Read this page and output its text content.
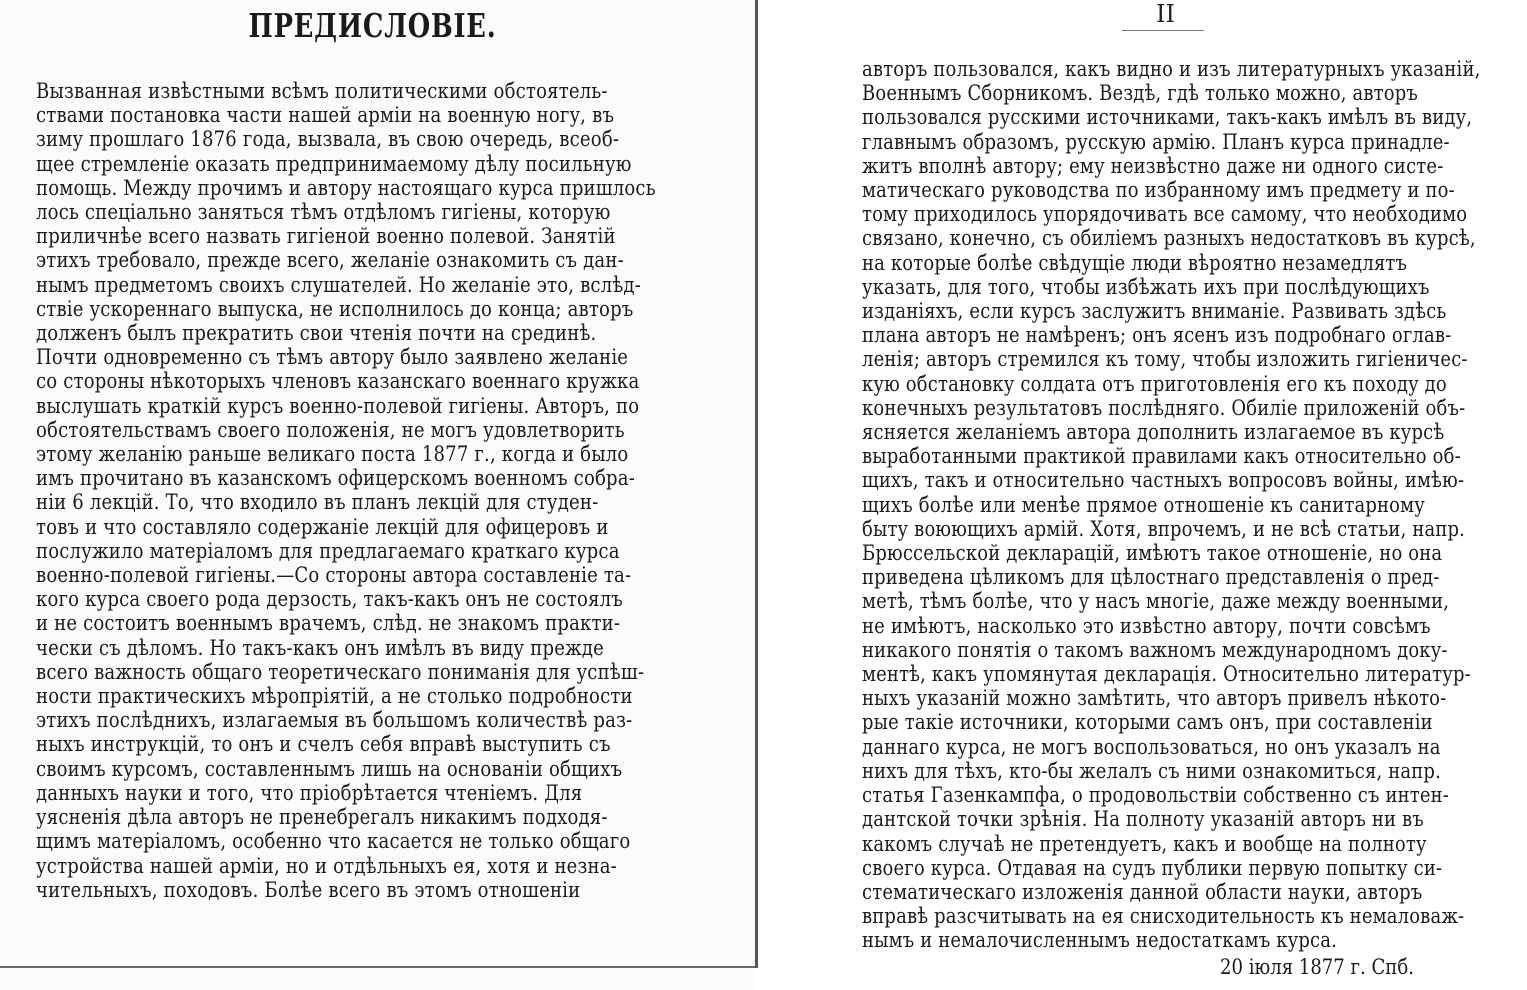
ПРЕДИСЛОВІЕ.
Вызванная извѣстными всѣмъ политическими обстоятель-
ствами постановка части нашей арміи на военную ногу, въ
зиму прошлаго 1876 года, вызвала, въ свою очередь, всеоб-
щее стремленіе оказать предпринимаемому дѣлу посильную
помощь. Между прочимъ и автору настоящаго курса пришлось
лось спеціально заняться тѣмъ отдѣломъ гигіены, которую
приличнѣе всего назвать гигіеной военно полевой. Занятій
этихъ требовало, прежде всего, желаніе ознакомить съ дан-
нымъ предметомъ своихъ слушателей. Но желаніе это, вслѣд-
ствіе ускореннаго выпуска, не исполнилось до конца; авторъ
долженъ былъ прекратить свои чтенія почти на срединѣ.
Почти одновременно съ тѣмъ автору было заявлено желаніе
со стороны нѣкоторыхъ членовъ казанскаго военнаго кружка
выслушать краткій курсъ военно-полевой гигіены. Авторъ, по
обстоятельствамъ своего положенія, не могъ удовлетворить
этому желанію раньше великаго поста 1877 г., когда и было
имъ прочитано въ казанскомъ офицерскомъ военномъ собра-
ніи 6 лекцій. То, что входило въ планъ лекцій для студен-
товъ и что составляло содержаніе лекцій для офицеровъ и
послужило матеріаломъ для предлагаемаго краткаго курса
военно-полевой гигіены.—Со стороны автора составленіе та-
кого курса своего рода дерзость, такъ-какъ онъ не состоялъ
и не состоитъ военнымъ врачемъ, слѣд. не знакомъ практи-
чески съ дѣломъ. Но такъ-какъ онъ имѣлъ въ виду прежде
всего важность общаго теоретическаго пониманія для успѣш-
ности практическихъ мѣропріятій, а не столько подробности
этихъ послѣднихъ, излагаемыя въ большомъ количествѣ раз-
ныхъ инструкцій, то онъ и счелъ себя вправѣ выступить съ
своимъ курсомъ, составленнымъ лишь на основаніи общихъ
данныхъ науки и того, что пріобрѣтается чтеніемъ. Для
уясненія дѣла авторъ не пренебрегалъ никакимъ подходя-
щимъ матеріаломъ, особенно что касается не только общаго
устройства нашей арміи, но и отдѣльныхъ ея, хотя и незна-
чительныхъ, походовъ. Болѣе всего въ этомъ отношеніи
II
авторъ пользовался, какъ видно и изъ литературныхъ указаній,
Военнымъ Сборникомъ. Вездѣ, гдѣ только можно, авторъ
пользовался русскими источниками, такъ-какъ имѣлъ въ виду,
главнымъ образомъ, русскую армію. Планъ курса принадле-
житъ вполнѣ автору; ему неизвѣстно даже ни одного систе-
матическаго руководства по избранному имъ предмету и по-
тому приходилось упорядочивать все самому, что необходимо
связано, конечно, съ обиліемъ разныхъ недостатковъ въ курсѣ,
на которые болѣе свѣдущіе люди вѣроятно незамедлятъ
указать, для того, чтобы избѣжать ихъ при послѣдующихъ
изданіяхъ, если курсъ заслужитъ вниманіе. Развивать здѣсь
плана авторъ не намѣренъ; онъ ясенъ изъ подробнаго оглав-
ленія; авторъ стремился къ тому, чтобы изложить гигіеничес-
кую обстановку солдата отъ приготовленія его къ походу до
конечныхъ результатовъ послѣдняго. Обиліе приложеній объ-
ясняется желаніемъ автора дополнить излагаемое въ курсѣ
выработанными практикой правилами какъ относительно об-
щихъ, такъ и относительно частныхъ вопросовъ войны, имѣю-
щихъ болѣе или менѣе прямое отношеніе къ санитарному
быту воюющихъ армій. Хотя, впрочемъ, и не всѣ статьи, напр.
Брюссельской декларацій, имѣютъ такое отношеніе, но она
приведена цѣликомъ для цѣлостнаго представленія о пред-
метѣ, тѣмъ болѣе, что у насъ многіе, даже между военными,
не имѣютъ, насколько это извѣстно автору, почти совсѣмъ
никакого понятія о такомъ важномъ международномъ доку-
ментѣ, какъ упомянутая декларація. Относительно литератур-
ныхъ указаній можно замѣтить, что авторъ привелъ нѣкото-
рые такіе источники, которыми самъ онъ, при составленіи
даннаго курса, не могъ воспользоваться, но онъ указалъ на
нихъ для тѣхъ, кто-бы желалъ съ ними ознакомиться, напр.
статья Газенкампфа, о продовольствіи собственно съ интен-
дантской точки зрѣнія. На полноту указаній авторъ ни въ
какомъ случаѣ не претендуетъ, какъ и вообще на полноту
своего курса. Отдавая на судъ публики первую попытку си-
стематическаго изложенія данной области науки, авторъ
вправѣ разсчитывать на ея снисходительность къ немаловаж-
нымъ и немалочисленнымъ недостаткамъ курса.
20 іюля 1877 г. Спб.
